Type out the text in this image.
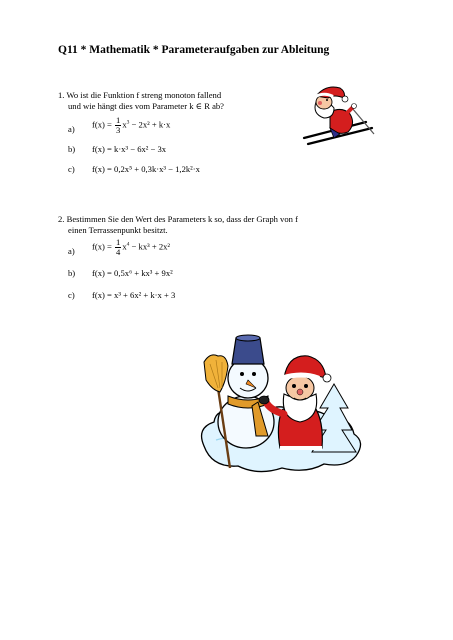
Q11 * Mathematik * Parameteraufgaben zur Ableitung
1. Wo ist die Funktion f streng monoton fallend
und wie hängt dies vom Parameter k ∈ R ab?
a) $f(x) = \frac{1}{3} x^3 - 2x^2 + k\cdot x$
b) f(x) = k·x³ − 6x² − 3x
c) f(x) = 0,2x⁵ + 0,3k·x³ − 1,2k²·x
2. Bestimmen Sie den Wert des Parameters k so, dass der Graph von f
einen Terrassenpunkt besitzt.
a) $f(x) = \frac{1}{4} x^4 - kx^3 + 2x^2$
b) f(x) = 0,5x⁶ + kx³ + 9x²
c) f(x) = x³ + 6x² + k·x + 3
